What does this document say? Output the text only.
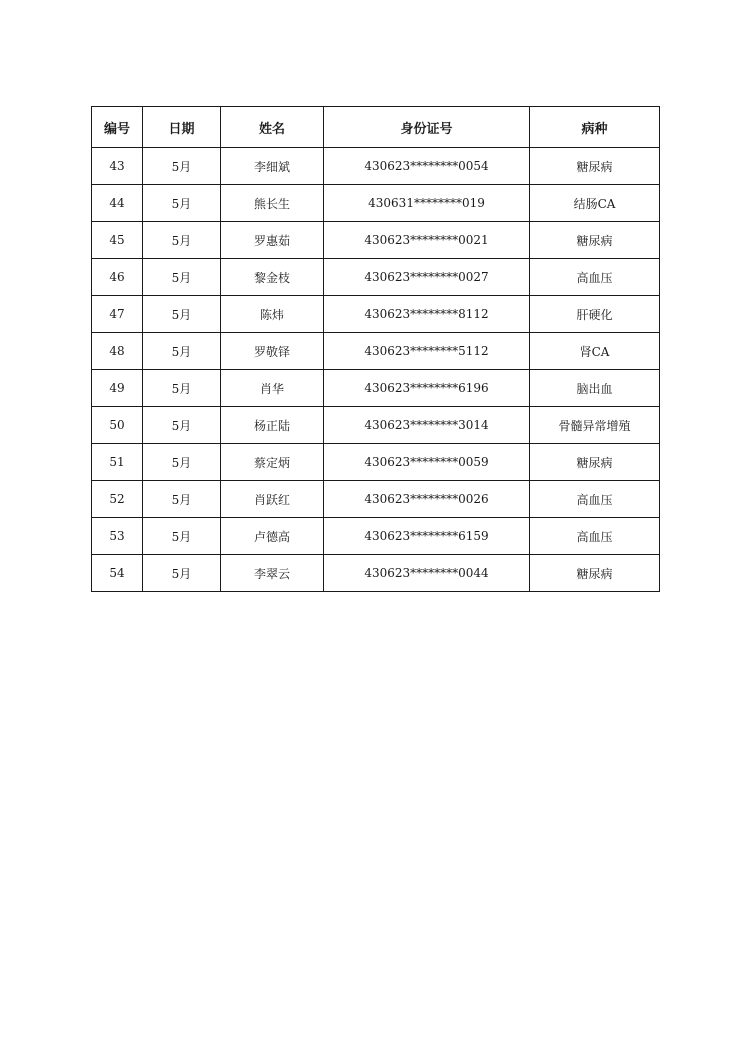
编号	日期	姓名	身份证号	病种
43	5月	李细斌	430623********0054	糖尿病
44	5月	熊长生	430631********019	结肠CA
45	5月	罗惠茹	430623********0021	糖尿病
46	5月	黎金枝	430623********0027	高血压
47	5月	陈炜	430623********8112	肝硬化
48	5月	罗敬铎	430623********5112	肾CA
49	5月	肖华	430623********6196	脑出血
50	5月	杨正陆	430623********3014	骨髓异常增殖
51	5月	蔡定炳	430623********0059	糖尿病
52	5月	肖跃红	430623********0026	高血压
53	5月	卢德高	430623********6159	高血压
54	5月	李翠云	430623********0044	糖尿病
